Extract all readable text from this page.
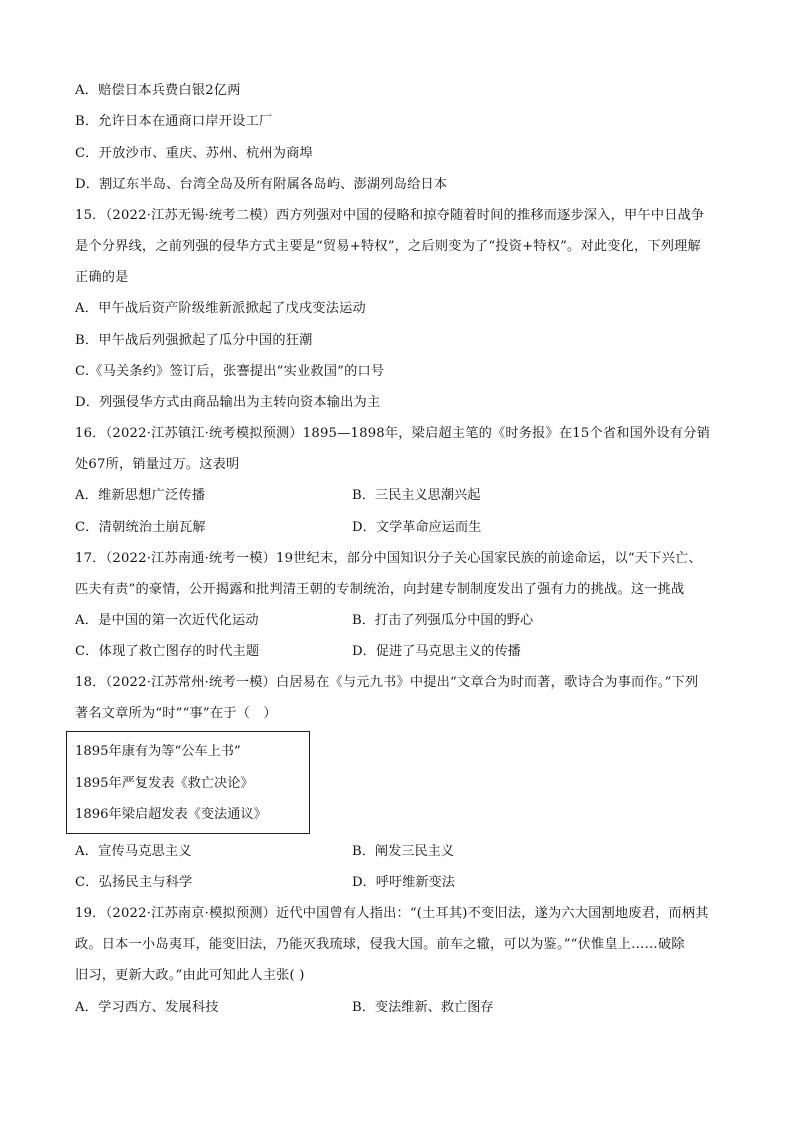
A．赔偿日本兵费白银2亿两
B．允许日本在通商口岸开设工厂
C．开放沙市、重庆、苏州、杭州为商埠
D．割辽东半岛、台湾全岛及所有附属各岛屿、澎湖列岛给日本
15．（2022·江苏无锡·统考二模）西方列强对中国的侵略和掠夺随着时间的推移而逐步深入，甲午中日战争
是个分界线，之前列强的侵华方式主要是“贸易+特权”，之后则变为了“投资+特权”。对此变化，下列理解
正确的是
A．甲午战后资产阶级维新派掀起了戊戌变法运动
B．甲午战后列强掀起了瓜分中国的狂潮
C.《马关条约》签订后，张謇提出“实业救国”的口号
D．列强侵华方式由商品输出为主转向资本输出为主
16．（2022·江苏镇江·统考模拟预测）1895—1898年，梁启超主笔的《时务报》在15个省和国外设有分销
处67所，销量过万。这表明
A．维新思想广泛传播	B．三民主义思潮兴起
C．清朝统治土崩瓦解	D．文学革命应运而生
17．（2022·江苏南通·统考一模）19世纪末，部分中国知识分子关心国家民族的前途命运，以“天下兴亡、
匹夫有责”的豪情，公开揭露和批判清王朝的专制统治，向封建专制制度发出了强有力的挑战。这一挑战
A．是中国的第一次近代化运动	B．打击了列强瓜分中国的野心
C．体现了救亡图存的时代主题	D．促进了马克思主义的传播
18．（2022·江苏常州·统考一模）白居易在《与元九书》中提出“文章合为时而著，歌诗合为事而作。”下列
著名文章所为“时”“事”在于（　）
1895年康有为等“公车上书”
1895年严复发表《救亡决论》
1896年梁启超发表《变法通议》
A．宣传马克思主义	B．阐发三民主义
C．弘扬民主与科学	D．呼吁维新变法
19．（2022·江苏南京·模拟预测）近代中国曾有人指出：“(土耳其)不变旧法，遂为六大国割地废君，而柄其
政。日本一小岛夷耳，能变旧法，乃能灭我琉球，侵我大国。前车之辙，可以为鉴。”“伏惟皇上……破除
旧习，更新大政。”由此可知此人主张( )
A．学习西方、发展科技	B．变法维新、救亡图存
